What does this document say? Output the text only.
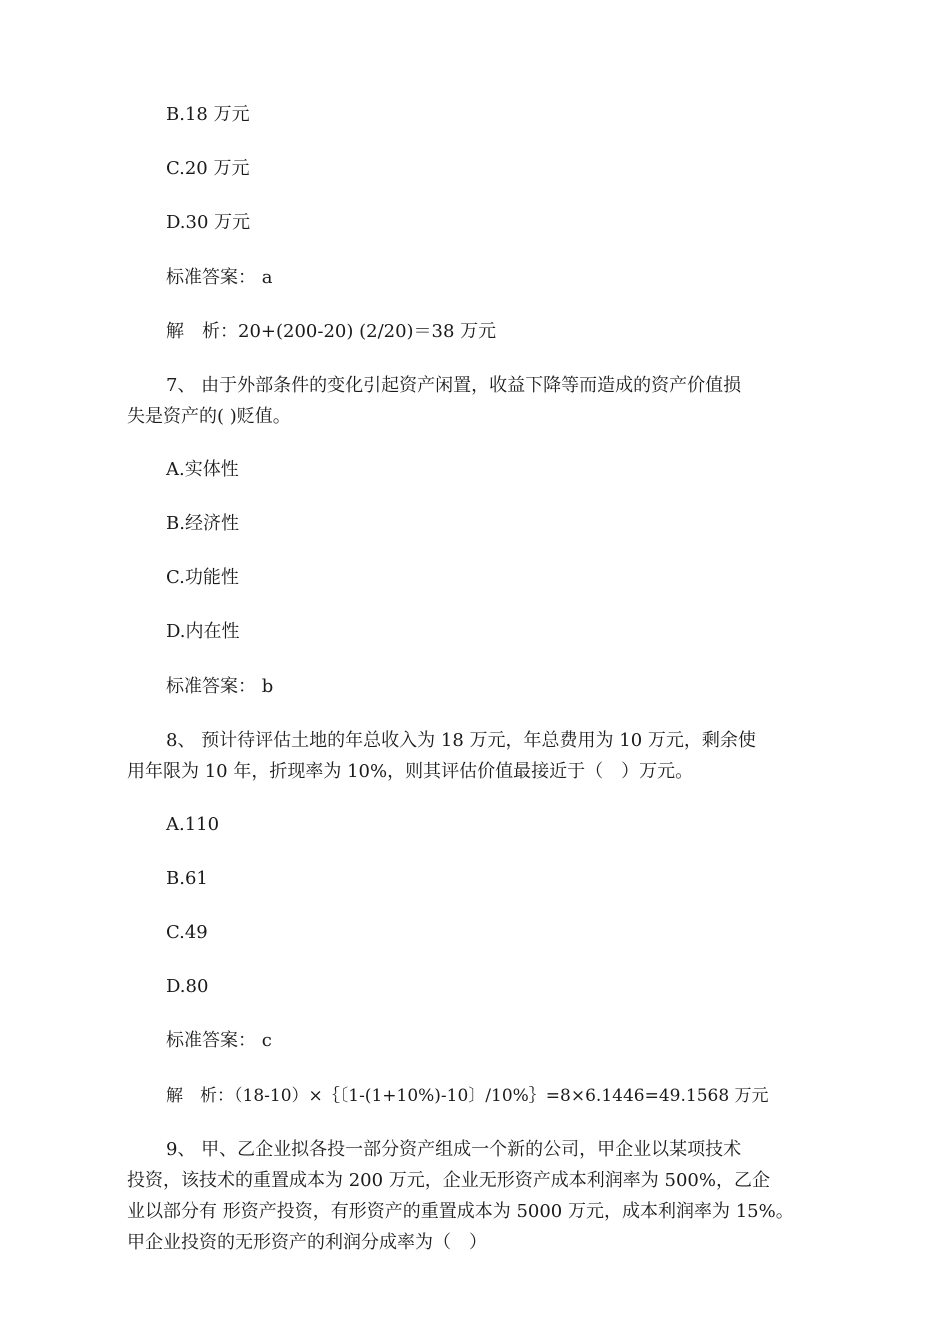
B.18 万元
C.20 万元
D.30 万元
标准答案： a
解　析：20+(200-20) (2/20)＝38 万元
7、 由于外部条件的变化引起资产闲置，收益下降等而造成的资产价值损
失是资产的( )贬值。
A.实体性
B.经济性
C.功能性
D.内在性
标准答案： b
8、 预计待评估土地的年总收入为 18 万元，年总费用为 10 万元，剩余使
用年限为 10 年，折现率为 10%，则其评估价值最接近于（　）万元。
A.110
B.61
C.49
D.80
标准答案： c
解　析：（18-10）×｛〔1-(1+10%)-10〕/10%｝=8×6.1446=49.1568 万元
9、 甲、乙企业拟各投一部分资产组成一个新的公司，甲企业以某项技术
投资，该技术的重置成本为 200 万元，企业无形资产成本利润率为 500%，乙企
业以部分有 形资产投资，有形资产的重置成本为 5000 万元，成本利润率为 15%。
甲企业投资的无形资产的利润分成率为（　）
